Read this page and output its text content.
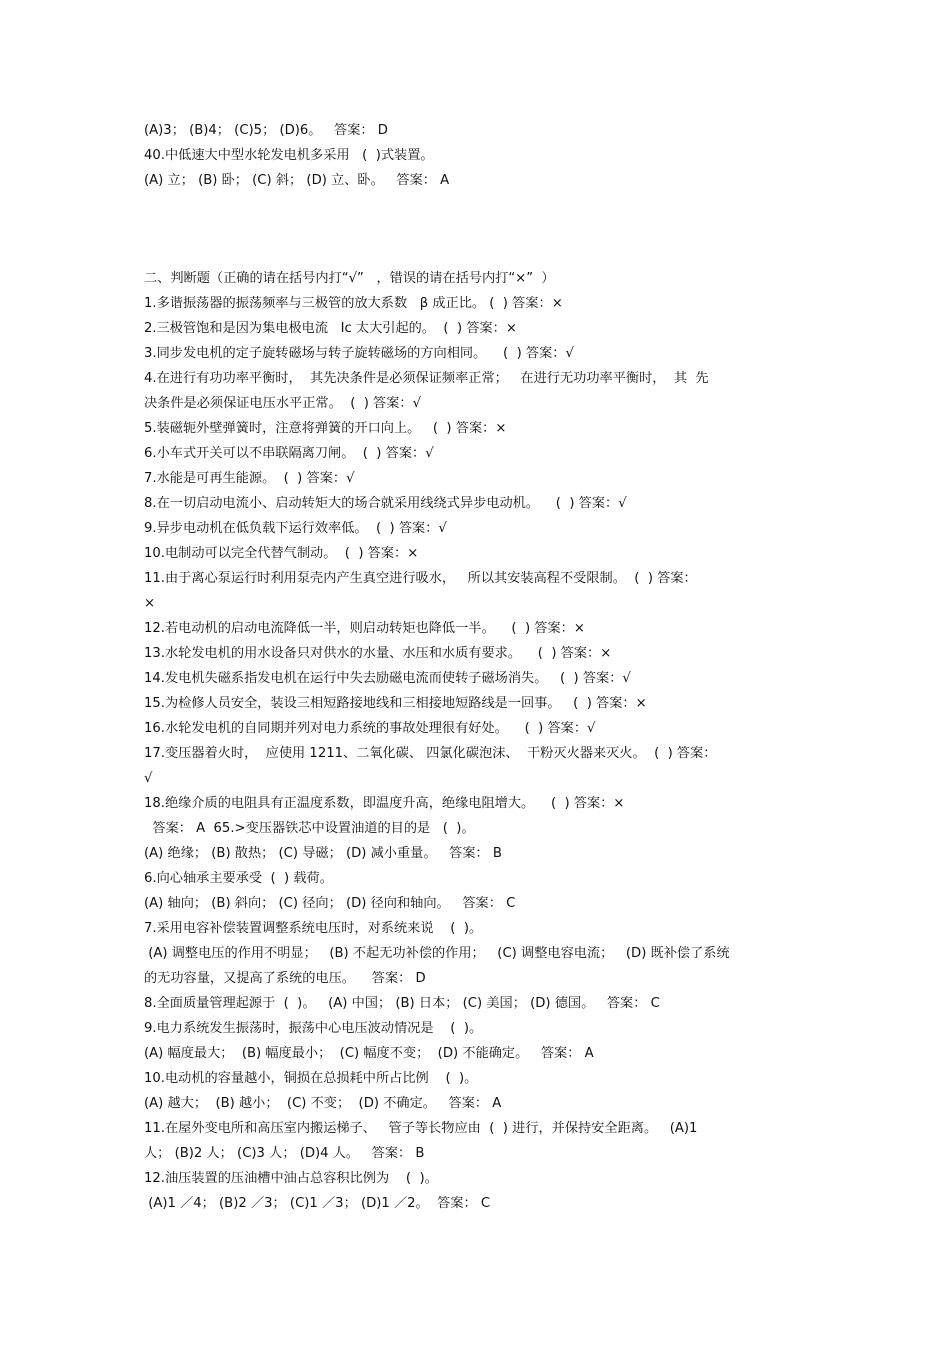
(A)3； (B)4； (C)5； (D)6。   答案： D
40.中低速大中型水轮发电机多采用   (  )式装置。
(A) 立； (B) 卧； (C) 斜； (D) 立、卧。   答案： A
二、判断题（正确的请在括号内打“√”   ，错误的请在括号内打“×”  ）
1.多谐振荡器的振荡频率与三极管的放大系数   β 成正比。 (  ) 答案：×
2.三极管饱和是因为集电极电流   Ic 太大引起的。  (  ) 答案：×
3.同步发电机的定子旋转磁场与转子旋转磁场的方向相同。    (  ) 答案：√
4.在进行有功功率平衡时，  其先决条件是必须保证频率正常；   在进行无功功率平衡时，  其  先
决条件是必须保证电压水平正常。  (  ) 答案：√
5.装磁轭外壁弹簧时，注意将弹簧的开口向上。   (  ) 答案：×
6.小车式开关可以不串联隔离刀闸。  (  ) 答案：√
7.水能是可再生能源。  (  ) 答案：√
8.在一切启动电流小、启动转矩大的场合就采用线绕式异步电动机。    (  ) 答案：√
9.异步电动机在低负载下运行效率低。  (  ) 答案：√
10.电制动可以完全代替气制动。  (  ) 答案：×
11.由于离心泵运行时利用泵壳内产生真空进行吸水，   所以其安装高程不受限制。  (  ) 答案：
×
12.若电动机的启动电流降低一半，则启动转矩也降低一半。    (  ) 答案：×
13.水轮发电机的用水设备只对供水的水量、水压和水质有要求。    (  ) 答案：×
14.发电机失磁系指发电机在运行中失去励磁电流而使转子磁场消失。   (  ) 答案：√
15.为检修人员安全，装设三相短路接地线和三相接地短路线是一回事。   (  ) 答案：×
16.水轮发电机的自同期并列对电力系统的事故处理很有好处。    (  ) 答案：√
17.变压器着火时，  应使用 1211、二氧化碳、 四氯化碳泡沫、  干粉灭火器来灭火。  (  ) 答案：
√
18.绝缘介质的电阻具有正温度系数，即温度升高，绝缘电阻增大。    (  ) 答案：×
答案： A  65.>变压器铁芯中设置油道的目的是   (  )。
(A) 绝缘； (B) 散热； (C) 导磁； (D) 减小重量。   答案： B
6.向心轴承主要承受  (  ) 载荷。
(A) 轴向； (B) 斜向； (C) 径向； (D) 径向和轴向。   答案： C
7.采用电容补偿装置调整系统电压时，对系统来说    (  )。
(A) 调整电压的作用不明显；   (B) 不起无功补偿的作用；   (C) 调整电容电流；   (D) 既补偿了系统
的无功容量，又提高了系统的电压。    答案： D
8.全面质量管理起源于  (  )。   (A) 中国； (B) 日本； (C) 美国； (D) 德国。   答案： C
9.电力系统发生振荡时，振荡中心电压波动情况是    (  )。
(A) 幅度最大；  (B) 幅度最小；  (C) 幅度不变；  (D) 不能确定。   答案： A
10.电动机的容量越小，铜损在总损耗中所占比例    (  )。
(A) 越大；  (B) 越小；  (C) 不变；  (D) 不确定。   答案： A
11.在屋外变电所和高压室内搬运梯子、   管子等长物应由  (  ) 进行，并保持安全距离。   (A)1
人； (B)2 人； (C)3 人； (D)4 人。   答案： B
12.油压装置的压油槽中油占总容积比例为    (  )。
(A)1 ／4； (B)2 ／3； (C)1 ／3； (D)1 ／2。  答案： C
